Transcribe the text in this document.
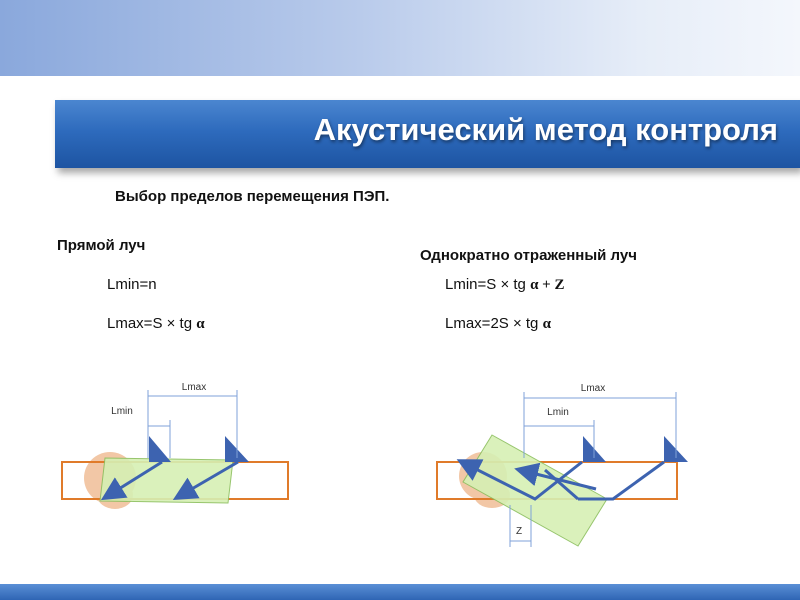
Акустический метод контроля
Выбор пределов перемещения ПЭП.
Прямой луч
Однократно отраженный луч
Lmin=n
Lmax=S × tg α
Lmin=S × tg α + Z
Lmax=2S × tg α
Lmax
Lmin
Lmax
Lmin
Z
